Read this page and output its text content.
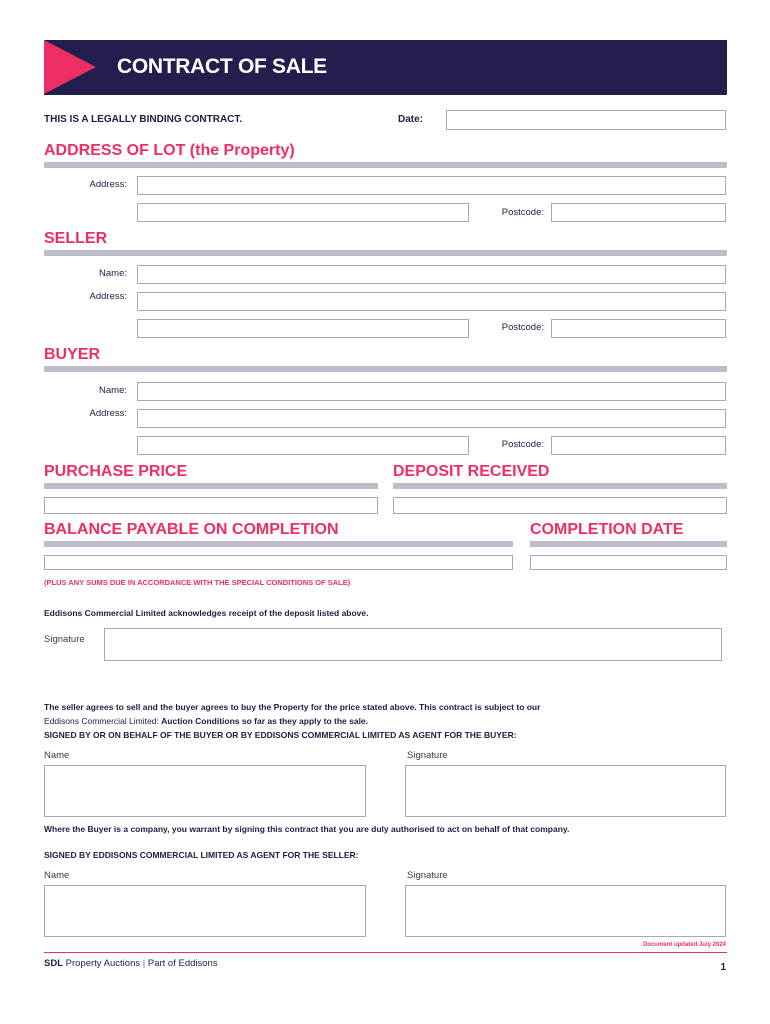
CONTRACT OF SALE
THIS IS A LEGALLY BINDING CONTRACT.	Date:
ADDRESS OF LOT (the Property)
Address:
Postcode:
SELLER
Name:
Address:
Postcode:
BUYER
Name:
Address:
Postcode:
PURCHASE PRICE	DEPOSIT RECEIVED
BALANCE PAYABLE ON COMPLETION	COMPLETION DATE
(PLUS ANY SUMS DUE IN ACCORDANCE WITH THE SPECIAL CONDITIONS OF SALE)
Eddisons Commercial Limited acknowledges receipt of the deposit listed above.
Signature
The seller agrees to sell and the buyer agrees to buy the Property for the price stated above. This contract is subject to our
Eddisons Commercial Limited: Auction Conditions so far as they apply to the sale.
SIGNED BY OR ON BEHALF OF THE BUYER OR BY EDDISONS COMMERCIAL LIMITED AS AGENT FOR THE BUYER:
Name	Signature
Where the Buyer is a company, you warrant by signing this contract that you are duly authorised to act on behalf of that company.
SIGNED BY EDDISONS COMMERCIAL LIMITED AS AGENT FOR THE SELLER:
Name	Signature
Document updated July 2024
SDL Property Auctions | Part of Eddisons	1
